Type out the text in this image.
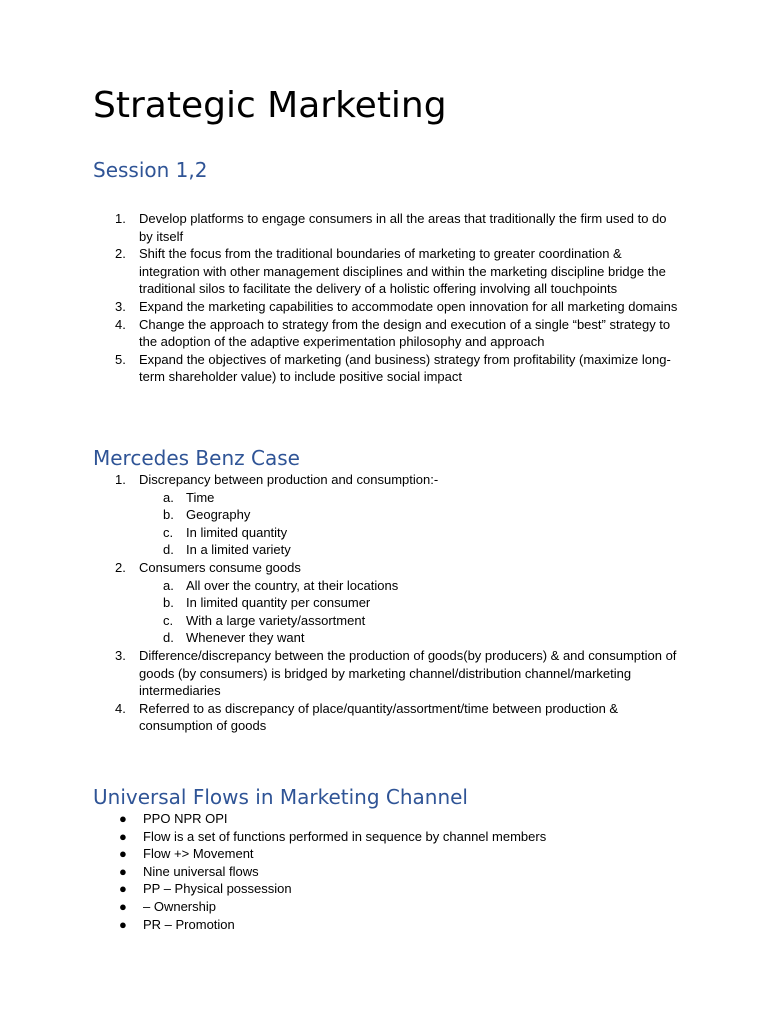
Strategic Marketing
Session 1,2
1.	Develop platforms to engage consumers in all the areas that traditionally the firm used to do by itself
2.	Shift the focus from the traditional boundaries of marketing to greater coordination & integration with other management disciplines and within the marketing discipline bridge the traditional silos to facilitate the delivery of a holistic offering involving all touchpoints
3.	Expand the marketing capabilities to accommodate open innovation for all marketing domains
4.	Change the approach to strategy from the design and execution of a single “best” strategy to the adoption of the adaptive experimentation philosophy and approach
5.	Expand the objectives of marketing (and business) strategy from profitability (maximize long-term shareholder value) to include positive social impact
Mercedes Benz Case
1.	Discrepancy between production and consumption:-
a. Time
b. Geography
c. In limited quantity
d. In a limited variety
2.	Consumers consume goods
a. All over the country, at their locations
b. In limited quantity per consumer
c. With a large variety/assortment
d. Whenever they want
3.	Difference/discrepancy between the production of goods(by producers) & and consumption of goods (by consumers) is bridged by marketing channel/distribution channel/marketing intermediaries
4.	Referred to as discrepancy of place/quantity/assortment/time between production & consumption of goods
Universal Flows in Marketing Channel
● PPO NPR OPI
● Flow is a set of functions performed in sequence by channel members
● Flow +> Movement
● Nine universal flows
● PP – Physical possession
● – Ownership
● PR – Promotion
